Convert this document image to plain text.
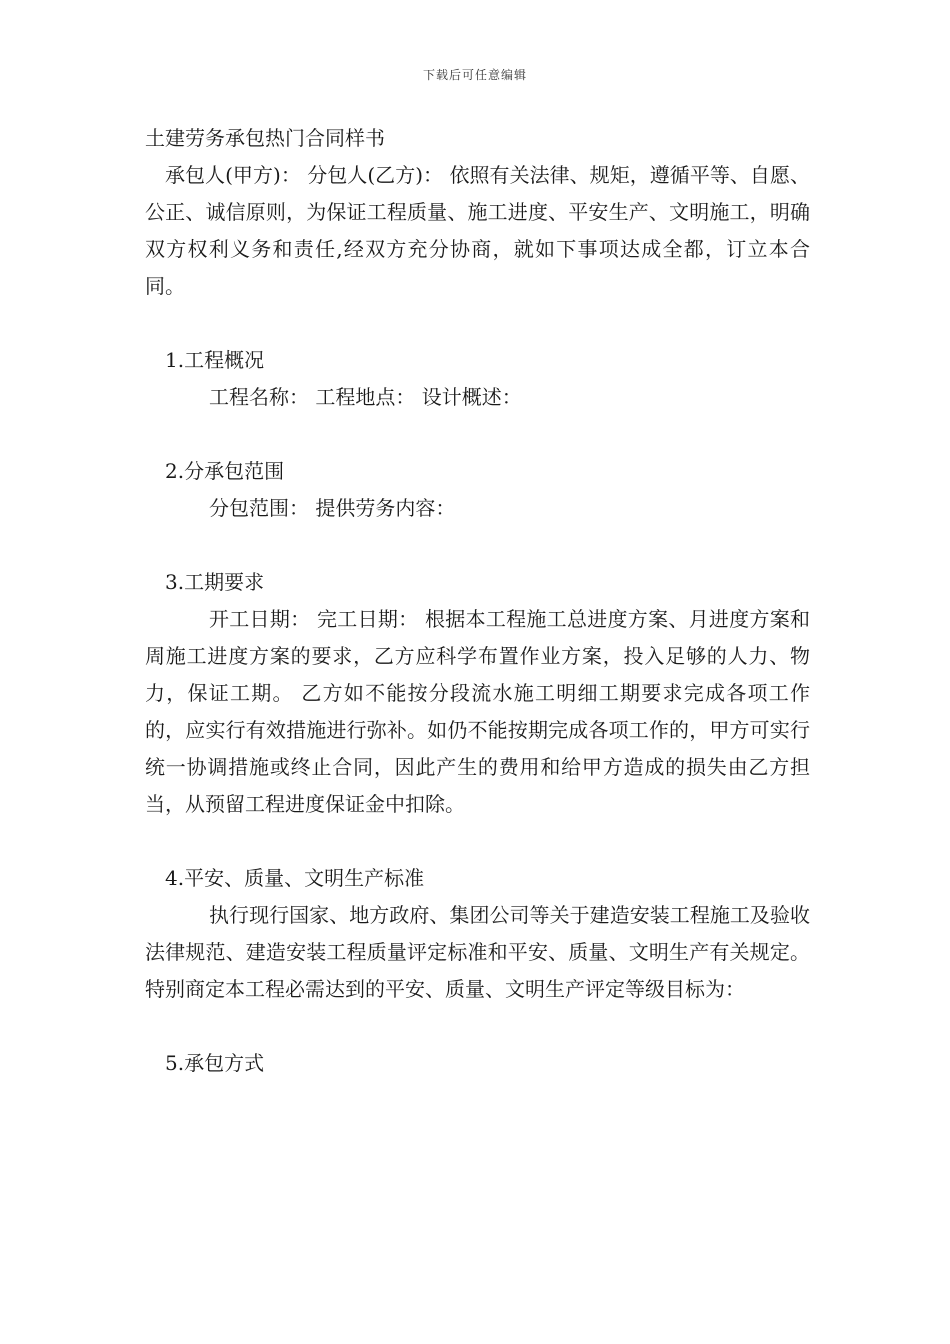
下载后可任意编辑

土建劳务承包热门合同样书

承包人(甲方)： 分包人(乙方)： 依照有关法律、规矩，遵循平等、自愿、公正、诚信原则，为保证工程质量、施工进度、平安生产、文明施工，明确双方权利义务和责任,经双方充分协商，就如下事项达成全都，订立本合同。

1.工程概况

工程名称： 工程地点： 设计概述：

2.分承包范围

分包范围： 提供劳务内容：

3.工期要求

开工日期： 完工日期： 根据本工程施工总进度方案、月进度方案和周施工进度方案的要求，乙方应科学布置作业方案，投入足够的人力、物力，保证工期。 乙方如不能按分段流水施工明细工期要求完成各项工作的，应实行有效措施进行弥补。如仍不能按期完成各项工作的，甲方可实行统一协调措施或终止合同，因此产生的费用和给甲方造成的损失由乙方担当，从预留工程进度保证金中扣除。

4.平安、质量、文明生产标准

执行现行国家、地方政府、集团公司等关于建造安装工程施工及验收法律规范、建造安装工程质量评定标准和平安、质量、文明生产有关规定。特别商定本工程必需达到的平安、质量、文明生产评定等级目标为：

5.承包方式
